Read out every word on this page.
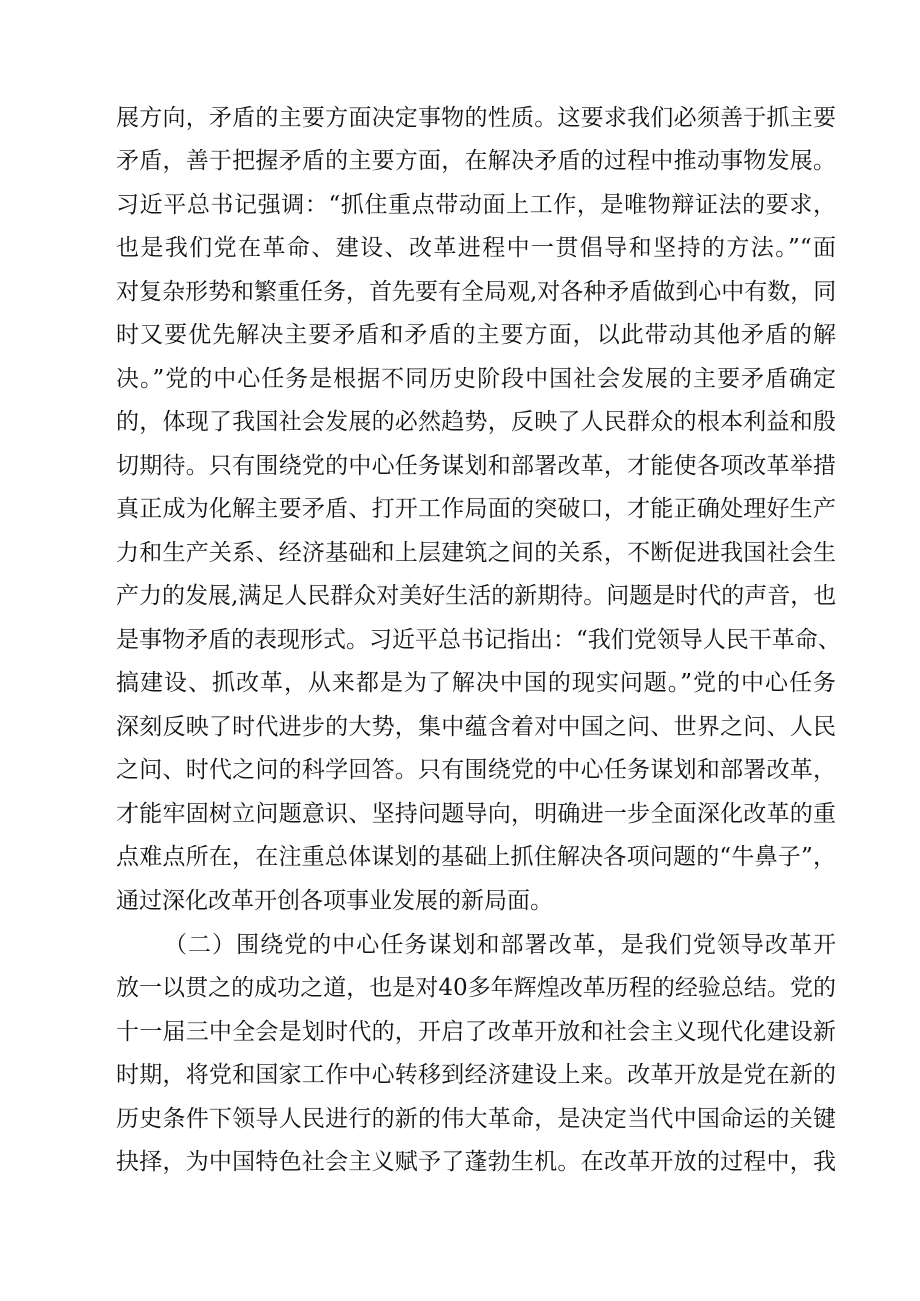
展方向，矛盾的主要方面决定事物的性质。这要求我们必须善于抓主要
矛盾，善于把握矛盾的主要方面，在解决矛盾的过程中推动事物发展。
习近平总书记强调：“抓住重点带动面上工作，是唯物辩证法的要求，
也是我们党在革命、建设、改革进程中一贯倡导和坚持的方法。”“面
对复杂形势和繁重任务，首先要有全局观,对各种矛盾做到心中有数，同
时又要优先解决主要矛盾和矛盾的主要方面，以此带动其他矛盾的解
决。”党的中心任务是根据不同历史阶段中国社会发展的主要矛盾确定
的，体现了我国社会发展的必然趋势，反映了人民群众的根本利益和殷
切期待。只有围绕党的中心任务谋划和部署改革，才能使各项改革举措
真正成为化解主要矛盾、打开工作局面的突破口，才能正确处理好生产
力和生产关系、经济基础和上层建筑之间的关系，不断促进我国社会生
产力的发展,满足人民群众对美好生活的新期待。问题是时代的声音，也
是事物矛盾的表现形式。习近平总书记指出：“我们党领导人民干革命、
搞建设、抓改革，从来都是为了解决中国的现实问题。”党的中心任务
深刻反映了时代进步的大势，集中蕴含着对中国之问、世界之问、人民
之问、时代之问的科学回答。只有围绕党的中心任务谋划和部署改革，
才能牢固树立问题意识、坚持问题导向，明确进一步全面深化改革的重
点难点所在，在注重总体谋划的基础上抓住解决各项问题的“牛鼻子”，
通过深化改革开创各项事业发展的新局面。
（二）围绕党的中心任务谋划和部署改革，是我们党领导改革开
放一以贯之的成功之道，也是对40多年辉煌改革历程的经验总结。党的
十一届三中全会是划时代的，开启了改革开放和社会主义现代化建设新
时期，将党和国家工作中心转移到经济建设上来。改革开放是党在新的
历史条件下领导人民进行的新的伟大革命，是决定当代中国命运的关键
抉择，为中国特色社会主义赋予了蓬勃生机。在改革开放的过程中，我
